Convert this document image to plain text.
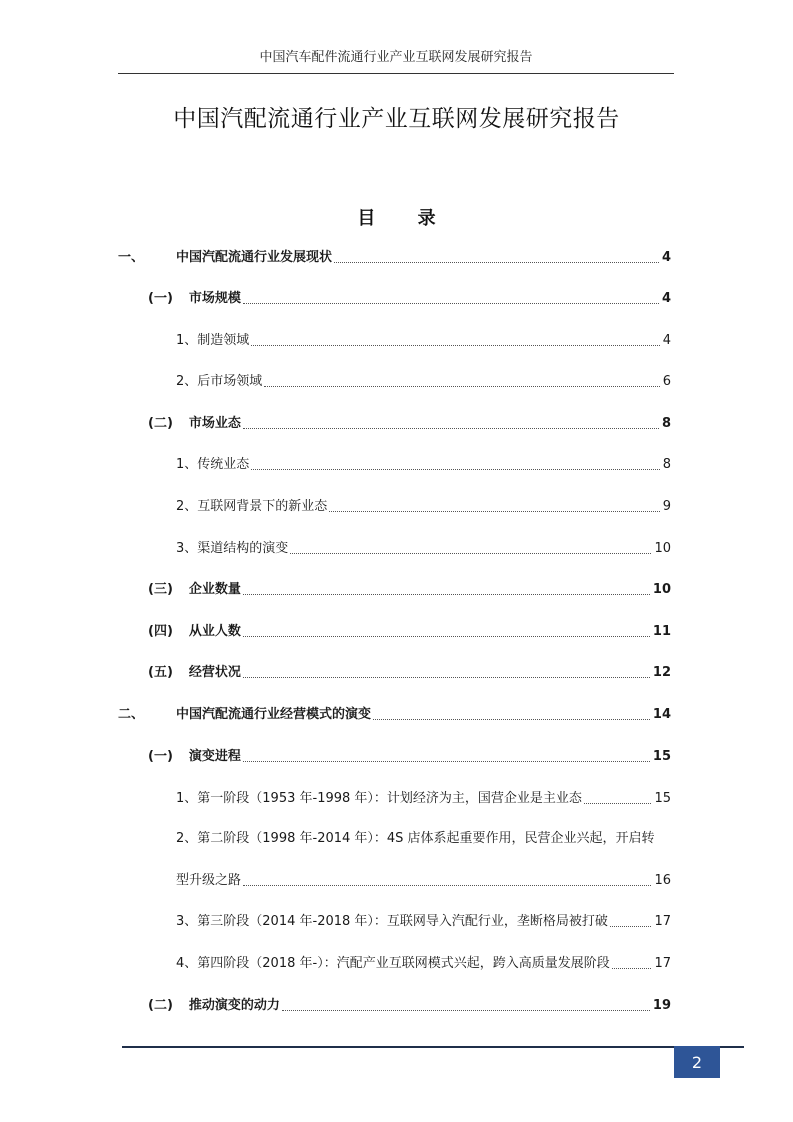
中国汽车配件流通行业产业互联网发展研究报告
中国汽配流通行业产业互联网发展研究报告
目 录
一、 中国汽配流通行业发展现状	4
(一) 市场规模	4
1、 制造领域	4
2、 后市场领域	6
(二) 市场业态	8
1、 传统业态	8
2、 互联网背景下的新业态	9
3、 渠道结构的演变	10
(三) 企业数量	10
(四) 从业人数	11
(五) 经营状况	12
二、 中国汽配流通行业经营模式的演变	14
(一) 演变进程	15
1、 第一阶段（1953 年-1998 年）：计划经济为主，国营企业是主业态	15
2、第二阶段（1998 年-2014 年）：4S 店体系起重要作用，民营企业兴起，开启转
型升级之路	16
3、 第三阶段（2014 年-2018 年）：互联网导入汽配行业，垄断格局被打破	17
4、 第四阶段（2018 年-）：汽配产业互联网模式兴起，跨入高质量发展阶段	17
(二) 推动演变的动力	19
2
